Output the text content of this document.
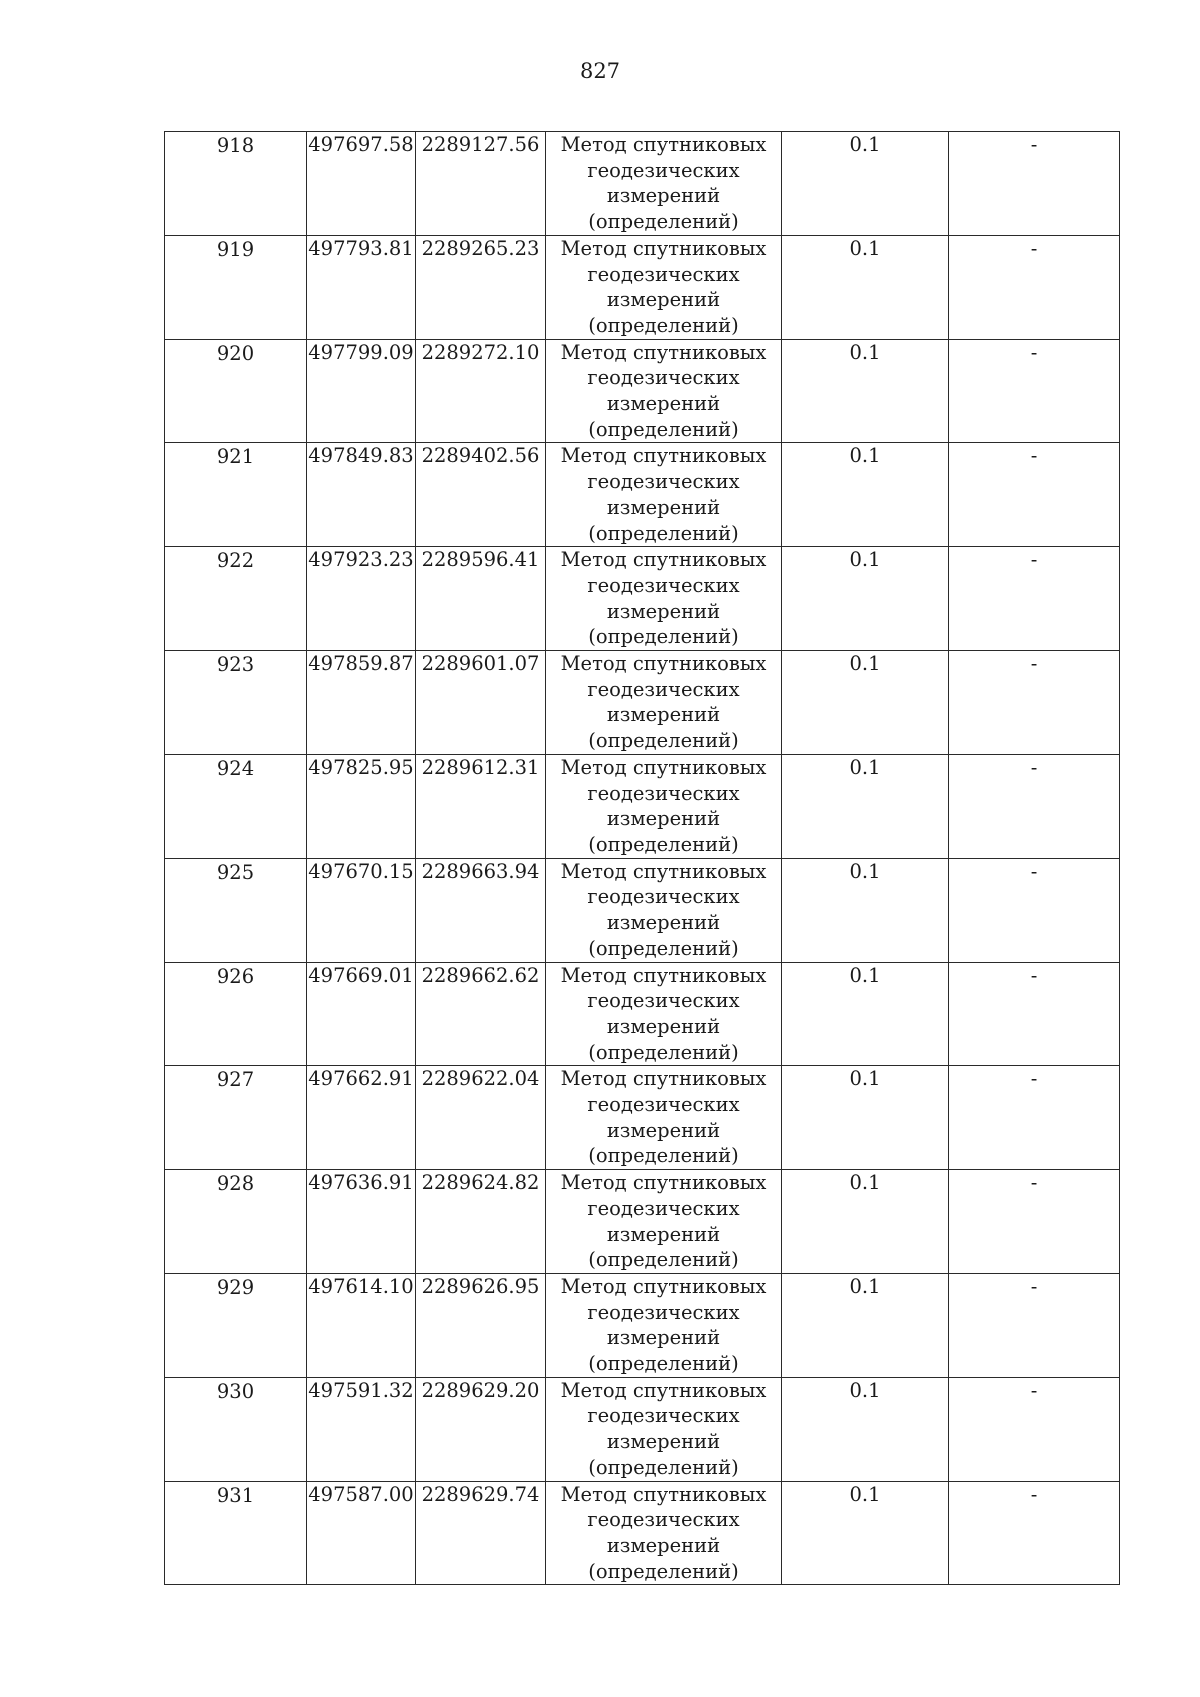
827
918	497697.58	2289127.56	Метод спутниковых геодезических измерений (определений)	0.1	-
919	497793.81	2289265.23	Метод спутниковых геодезических измерений (определений)	0.1	-
920	497799.09	2289272.10	Метод спутниковых геодезических измерений (определений)	0.1	-
921	497849.83	2289402.56	Метод спутниковых геодезических измерений (определений)	0.1	-
922	497923.23	2289596.41	Метод спутниковых геодезических измерений (определений)	0.1	-
923	497859.87	2289601.07	Метод спутниковых геодезических измерений (определений)	0.1	-
924	497825.95	2289612.31	Метод спутниковых геодезических измерений (определений)	0.1	-
925	497670.15	2289663.94	Метод спутниковых геодезических измерений (определений)	0.1	-
926	497669.01	2289662.62	Метод спутниковых геодезических измерений (определений)	0.1	-
927	497662.91	2289622.04	Метод спутниковых геодезических измерений (определений)	0.1	-
928	497636.91	2289624.82	Метод спутниковых геодезических измерений (определений)	0.1	-
929	497614.10	2289626.95	Метод спутниковых геодезических измерений (определений)	0.1	-
930	497591.32	2289629.20	Метод спутниковых геодезических измерений (определений)	0.1	-
931	497587.00	2289629.74	Метод спутниковых геодезических измерений (определений)	0.1	-
